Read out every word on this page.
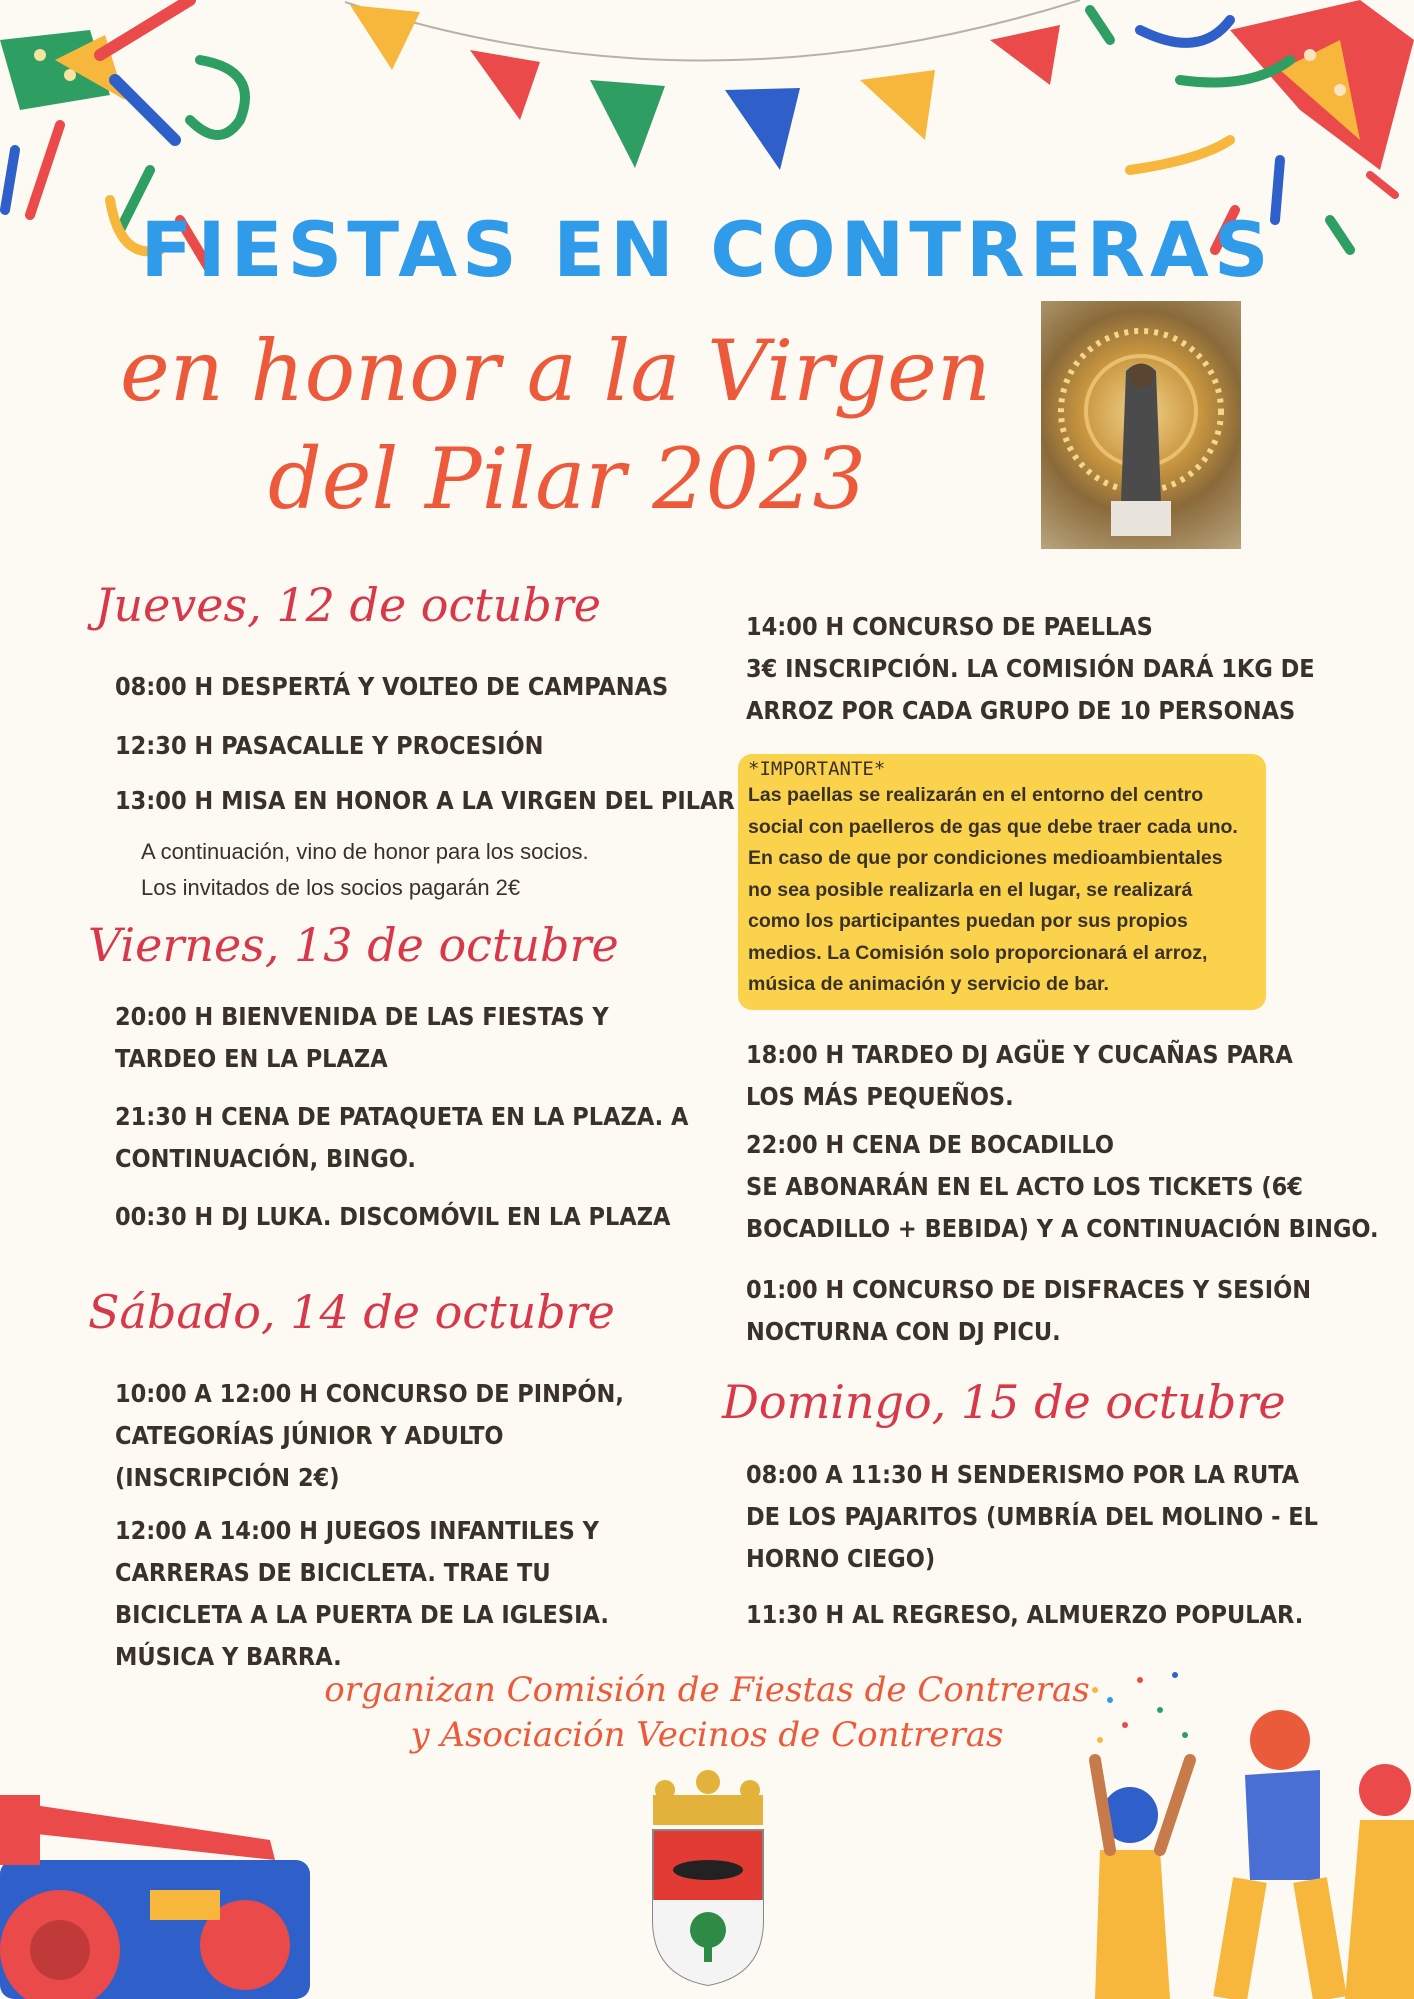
FIESTAS EN CONTRERAS
en honor a la Virgen
del Pilar 2023
Jueves, 12 de octubre
08:00 H DESPERTÁ Y VOLTEO DE CAMPANAS
12:30 H PASACALLE Y PROCESIÓN
13:00 H MISA EN HONOR A LA VIRGEN DEL PILAR
A continuación, vino de honor para los socios.
Los invitados de los socios pagarán 2€
Viernes, 13 de octubre
20:00 H BIENVENIDA DE LAS FIESTAS Y
TARDEO EN LA PLAZA
21:30 H CENA DE PATAQUETA EN LA PLAZA. A
CONTINUACIÓN, BINGO.
00:30 H DJ LUKA. DISCOMÓVIL EN LA PLAZA
Sábado, 14 de octubre
10:00 A 12:00 H CONCURSO DE PINPÓN,
CATEGORÍAS JÚNIOR Y ADULTO
(INSCRIPCIÓN 2€)
12:00 A 14:00 H JUEGOS INFANTILES Y
CARRERAS DE BICICLETA. TRAE TU
BICICLETA A LA PUERTA DE LA IGLESIA.
MÚSICA Y BARRA.
14:00 H CONCURSO DE PAELLAS
3€ INSCRIPCIÓN. LA COMISIÓN DARÁ 1KG DE
ARROZ POR CADA GRUPO DE 10 PERSONAS
*IMPORTANTE*
Las paellas se realizarán en el entorno del centro
social con paelleros de gas que debe traer cada uno.
En caso de que por condiciones medioambientales
no sea posible realizarla en el lugar, se realizará
como los participantes puedan por sus propios
medios. La Comisión solo proporcionará el arroz,
música de animación y servicio de bar.
18:00 H TARDEO DJ AGÜE Y CUCAÑAS PARA
LOS MÁS PEQUEÑOS.
22:00 H CENA DE BOCADILLO
SE ABONARÁN EN EL ACTO LOS TICKETS (6€
BOCADILLO + BEBIDA) Y A CONTINUACIÓN BINGO.
01:00 H CONCURSO DE DISFRACES Y SESIÓN
NOCTURNA CON DJ PICU.
Domingo, 15 de octubre
08:00 A 11:30 H SENDERISMO POR LA RUTA
DE LOS PAJARITOS (UMBRÍA DEL MOLINO - EL
HORNO CIEGO)
11:30 H AL REGRESO, ALMUERZO POPULAR.
organizan Comisión de Fiestas de Contreras
y Asociación Vecinos de Contreras
